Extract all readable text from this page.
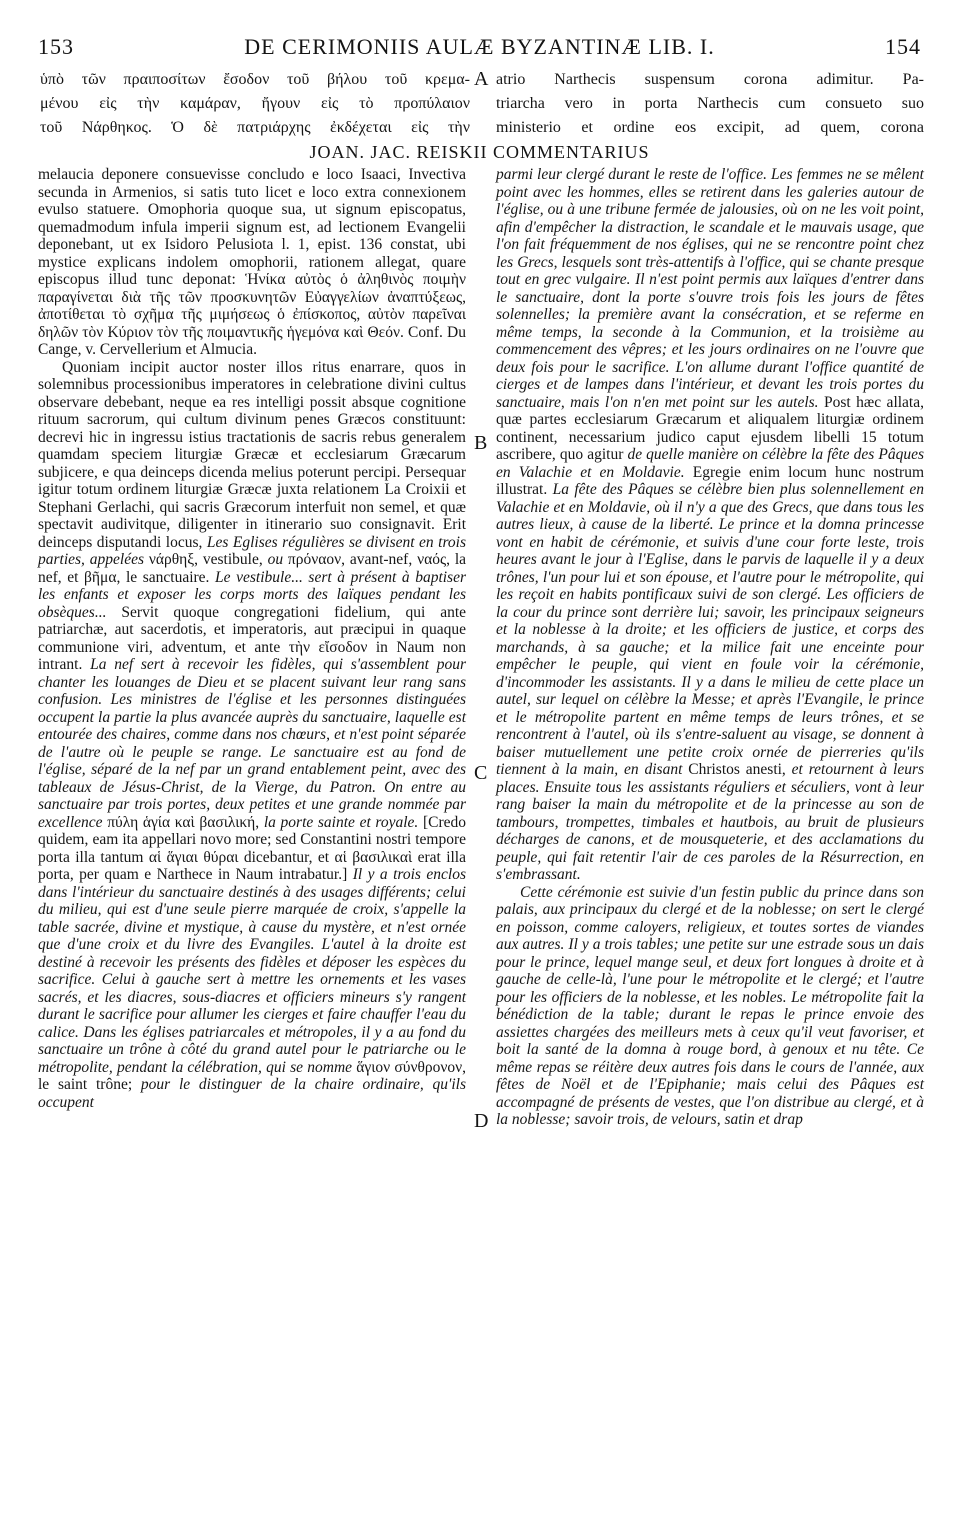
153	DE CERIMONIIS AULÆ BYZANTINÆ LIB. I.	154
ὑπὸ τῶν πραιποσίτων ἔσοδον τοῦ βήλου τοῦ κρεμα-
μένου εἰς τὴν καμάραν, ἤγουν εἰς τὸ προπύλαιον
τοῦ Νάρθηκος. Ὁ δὲ πατριάρχης ἐκδέχεται εἰς τὴν
A atrio Narthecis suspensum corona adimitur. Pa-
triarcha vero in porta Narthecis cum consueto suo
ministerio et ordine eos excipit, ad quem, corona
JOAN. JAC. REISKII COMMENTARIUS

melaucia deponere consuevisse concludo e loco Isaaci, Invectiva secunda in Armenios, si satis tuto licet e loco extra connexionem evulso statuere. Omophoria quoque sua, ut signum episcopatus, quemadmodum infula imperii signum est, ad lectionem Evangelii deponebant, ut ex Isidoro Pelusiota l. 1, epist. 136 constat, ubi mystice explicans indolem omophorii, rationem allegat, quare episcopus illud tunc deponat: Ἡνίκα αὐτὸς ὁ ἀληθινὸς ποιμὴν παραγίνεται διὰ τῆς τῶν προσκυνητῶν Εὐαγγελίων ἀναπτύξεως, ἀποτίθεται τὸ σχῆμα τῆς μιμήσεως ὁ ἐπίσκοπος, αὐτὸν παρεῖναι δηλῶν τὸν Κύριον τὸν τῆς ποιμαντικῆς ἡγεμόνα καὶ Θεόν. Conf. Du Cange, v. Cervellerium et Almucia.

Quoniam incipit auctor noster illos ritus enarrare, quos in solemnibus processionibus imperatores in celebratione divini cultus observare debebant, neque ea res intelligi possit absque cognitione rituum sacrorum, qui cultum divinum penes Græcos constituunt: decrevi hic in ingressu istius tractationis de sacris rebus generalem quamdam speciem liturgiæ Græcæ et ecclesiarum Græcarum subjicere, e qua deinceps dicenda melius poterunt percipi. Persequar igitur totum ordinem liturgiæ Græcæ juxta relationem La Croixii et Stephani Gerlachi, qui sacris Græcorum interfuit non semel, et quæ spectavit audivitque, diligenter in itinerario suo consignavit. Erit deinceps disputandi locus, Les Eglises régulières se divisent en trois parties, appelées νάρθηξ, vestibule, ou πρόναον, avant-nef, ναός, la nef, et βῆμα, le sanctuaire. Le vestibule... sert à présent à baptiser les enfants et exposer les corps morts des laïques pendant les obsèques... Servit quoque congregationi fidelium, qui ante patriarchæ, aut sacerdotis, et imperatoris, aut præcipui in quaque communione viri, adventum, et ante τὴν εἴσοδον in Naum non intrant. La nef sert à recevoir les fidèles, qui s'assemblent pour chanter les louanges de Dieu et se placent suivant leur rang sans confusion. Les ministres de l'église et les personnes distinguées occupent la partie la plus avancée auprès du sanctuaire, laquelle est entourée des chaires, comme dans nos chœurs, et n'est point séparée de l'autre où le peuple se range. Le sanctuaire est au fond de l'église, séparé de la nef par un grand entablement peint, avec des tableaux de Jésus-Christ, de la Vierge, du Patron. On entre au sanctuaire par trois portes, deux petites et une grande nommée par excellence πύλη ἁγία καὶ βασιλική, la porte sainte et royale. [Credo quidem, eam ita appellari novo more; sed Constantini nostri tempore porta illa tantum αἱ ἅγιαι θύραι dicebantur, et αἱ βασιλικαὶ erat illa porta, per quam e Narthece in Naum intrabatur.] Il y a trois enclos dans l'intérieur du sanctuaire destinés à des usages différents; celui du milieu, qui est d'une seule pierre marquée de croix, s'appelle la table sacrée, divine et mystique, à cause du mystère, et n'est ornée que d'une croix et du livre des Evangiles. L'autel à la droite est destiné à recevoir les présents des fidèles et déposer les espèces du sacrifice. Celui à gauche sert à mettre les ornements et les vases sacrés, et les diacres, sous-diacres et officiers mineurs s'y rangent durant le sacrifice pour allumer les cierges et faire chauffer l'eau du calice. Dans les églises patriarcales et métropoles, il y a au fond du sanctuaire un trône à côté du grand autel pour le patriarche ou le métropolite, pendant la célébration, qui se nomme ἅγιον σύνθρονον, le saint trône; pour le distinguer de la chaire ordinaire, qu'ils occupent

B
C
D

parmi leur clergé durant le reste de l'office. Les femmes ne se mêlent point avec les hommes, elles se retirent dans les galeries autour de l'église, ou à une tribune fermée de jalousies, où on ne les voit point, afin d'empêcher la distraction, le scandale et le mauvais usage, que l'on fait fréquemment de nos églises, qui ne se rencontre point chez les Grecs, lesquels sont très-attentifs à l'office, qui se chante presque tout en grec vulgaire. Il n'est point permis aux laïques d'entrer dans le sanctuaire, dont la porte s'ouvre trois fois les jours de fêtes solennelles; la première avant la consécration, et se referme en même temps, la seconde à la Communion, et la troisième au commencement des vêpres; et les jours ordinaires on ne l'ouvre que deux fois pour le sacrifice. L'on allume durant l'office quantité de cierges et de lampes dans l'intérieur, et devant les trois portes du sanctuaire, mais l'on n'en met point sur les autels. Post hæc allata, quæ partes ecclesiarum Græcarum et aliqualem liturgiæ ordinem continent, necessarium judico caput ejusdem libelli 15 totum ascribere, quo agitur de quelle manière on célèbre la fête des Pâques en Valachie et en Moldavie. Egregie enim locum hunc nostrum illustrat. La fête des Pâques se célèbre bien plus solennellement en Valachie et en Moldavie, où il n'y a que des Grecs, que dans tous les autres lieux, à cause de la liberté. Le prince et la domna princesse vont en habit de cérémonie, et suivis d'une cour forte leste, trois heures avant le jour à l'Eglise, dans le parvis de laquelle il y a deux trônes, l'un pour lui et son épouse, et l'autre pour le métropolite, qui les reçoit en habits pontificaux suivi de son clergé. Les officiers de la cour du prince sont derrière lui; savoir, les principaux seigneurs et la noblesse à la droite; et les officiers de justice, et corps des marchands, à sa gauche; et la milice fait une enceinte pour empêcher le peuple, qui vient en foule voir la cérémonie, d'incommoder les assistants. Il y a dans le milieu de cette place un autel, sur lequel on célèbre la Messe; et après l'Evangile, le prince et le métropolite partent en même temps de leurs trônes, et se rencontrent à l'autel, où ils s'entre-saluent au visage, se donnent à baiser mutuellement une petite croix ornée de pierreries qu'ils tiennent à la main, en disant Christos anesti, et retournent à leurs places. Ensuite tous les assistants réguliers et séculiers, vont à leur rang baiser la main du métropolite et de la princesse au son de tambours, trompettes, timbales et hautbois, au bruit de plusieurs décharges de canons, et de mousqueterie, et des acclamations du peuple, qui fait retentir l'air de ces paroles de la Résurrection, en s'embrassant.

Cette cérémonie est suivie d'un festin public du prince dans son palais, aux principaux du clergé et de la noblesse; on sert le clergé en poisson, comme caloyers, religieux, et toutes sortes de viandes aux autres. Il y a trois tables; une petite sur une estrade sous un dais pour le prince, lequel mange seul, et deux fort longues à droite et à gauche de celle-là, l'une pour le métropolite et le clergé; et l'autre pour les officiers de la noblesse, et les nobles. Le métropolite fait la bénédiction de la table; durant le repas le prince envoie des assiettes chargées des meilleurs mets à ceux qu'il veut favoriser, et boit la santé de la domna à rouge bord, à genoux et nu tête. Ce même repas se réitère deux autres fois dans le cours de l'année, aux fêtes de Noël et de l'Epiphanie; mais celui des Pâques est accompagné de présents de vestes, que l'on distribue au clergé, et à la noblesse; savoir trois, de velours, satin et drap
